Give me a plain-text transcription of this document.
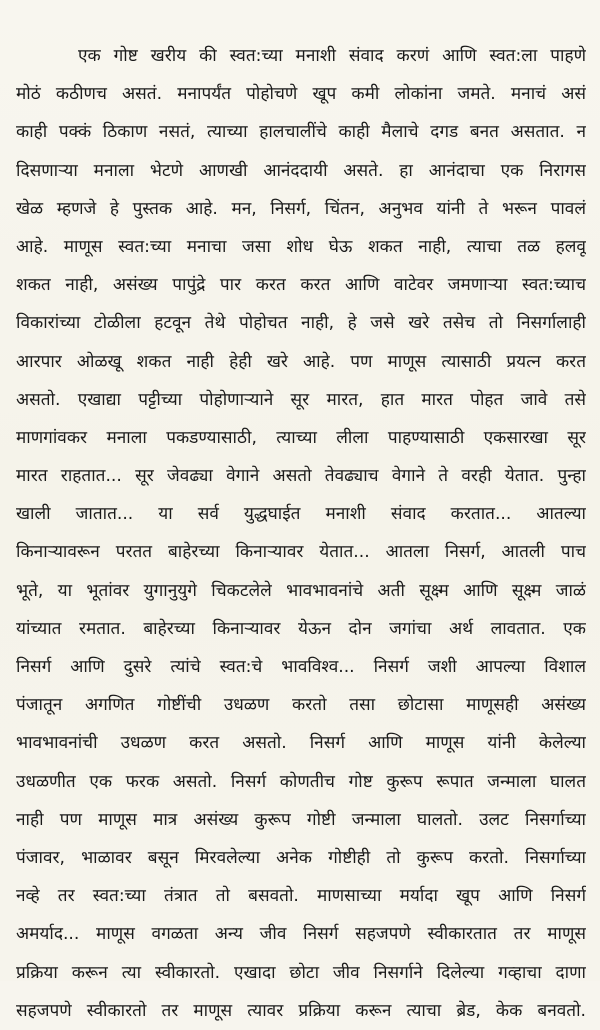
एक गोष्ट खरीय की स्वत:च्या मनाशी संवाद करणं आणि स्वत:ला पाहणे
मोठं कठीणच असतं. मनापर्यंत पोहोचणे खूप कमी लोकांना जमते. मनाचं असं
काही पक्कं ठिकाण नसतं, त्याच्या हालचालींचे काही मैलाचे दगड बनत असतात. न
दिसणाऱ्या मनाला भेटणे आणखी आनंददायी असते. हा आनंदाचा एक निरागस
खेळ म्हणजे हे पुस्तक आहे. मन, निसर्ग, चिंतन, अनुभव यांनी ते भरून पावलं
आहे. माणूस स्वत:च्या मनाचा जसा शोध घेऊ शकत नाही, त्याचा तळ हलवू
शकत नाही, असंख्य पापुंद्रे पार करत करत आणि वाटेवर जमणाऱ्या स्वत:च्याच
विकारांच्या टोळीला हटवून तेथे पोहोचत नाही, हे जसे खरे तसेच तो निसर्गालाही
आरपार ओळखू शकत नाही हेही खरे आहे. पण माणूस त्यासाठी प्रयत्न करत
असतो. एखाद्या पट्टीच्या पोहोणाऱ्याने सूर मारत, हात मारत पोहत जावे तसे
माणगांवकर मनाला पकडण्यासाठी, त्याच्या लीला पाहण्यासाठी एकसारखा सूर
मारत राहतात... सूर जेवढ्या वेगाने असतो तेवढ्याच वेगाने ते वरही येतात. पुन्हा
खाली जातात... या सर्व युद्धघाईत मनाशी संवाद करतात... आतल्या
किनाऱ्यावरून परतत बाहेरच्या किनाऱ्यावर येतात... आतला निसर्ग, आतली पाच
भूते, या भूतांवर युगानुयुगे चिकटलेले भावभावनांचे अती सूक्ष्म आणि सूक्ष्म जाळं
यांच्यात रमतात. बाहेरच्या किनाऱ्यावर येऊन दोन जगांचा अर्थ लावतात. एक
निसर्ग आणि दुसरे त्यांचे स्वत:चे भावविश्व... निसर्ग जशी आपल्या विशाल
पंजातून अगणित गोष्टींची उधळण करतो तसा छोटासा माणूसही असंख्य
भावभावनांची उधळण करत असतो. निसर्ग आणि माणूस यांनी केलेल्या
उधळणीत एक फरक असतो. निसर्ग कोणतीच गोष्ट कुरूप रूपात जन्माला घालत
नाही पण माणूस मात्र असंख्य कुरूप गोष्टी जन्माला घालतो. उलट निसर्गाच्या
पंजावर, भाळावर बसून मिरवलेल्या अनेक गोष्टीही तो कुरूप करतो. निसर्गाच्या
नव्हे तर स्वत:च्या तंत्रात तो बसवतो. माणसाच्या मर्यादा खूप आणि निसर्ग
अमर्याद... माणूस वगळता अन्य जीव निसर्ग सहजपणे स्वीकारतात तर माणूस
प्रक्रिया करून त्या स्वीकारतो. एखादा छोटा जीव निसर्गाने दिलेल्या गव्हाचा दाणा
सहजपणे स्वीकारतो तर माणूस त्यावर प्रक्रिया करून त्याचा ब्रेड, केक बनवतो.
